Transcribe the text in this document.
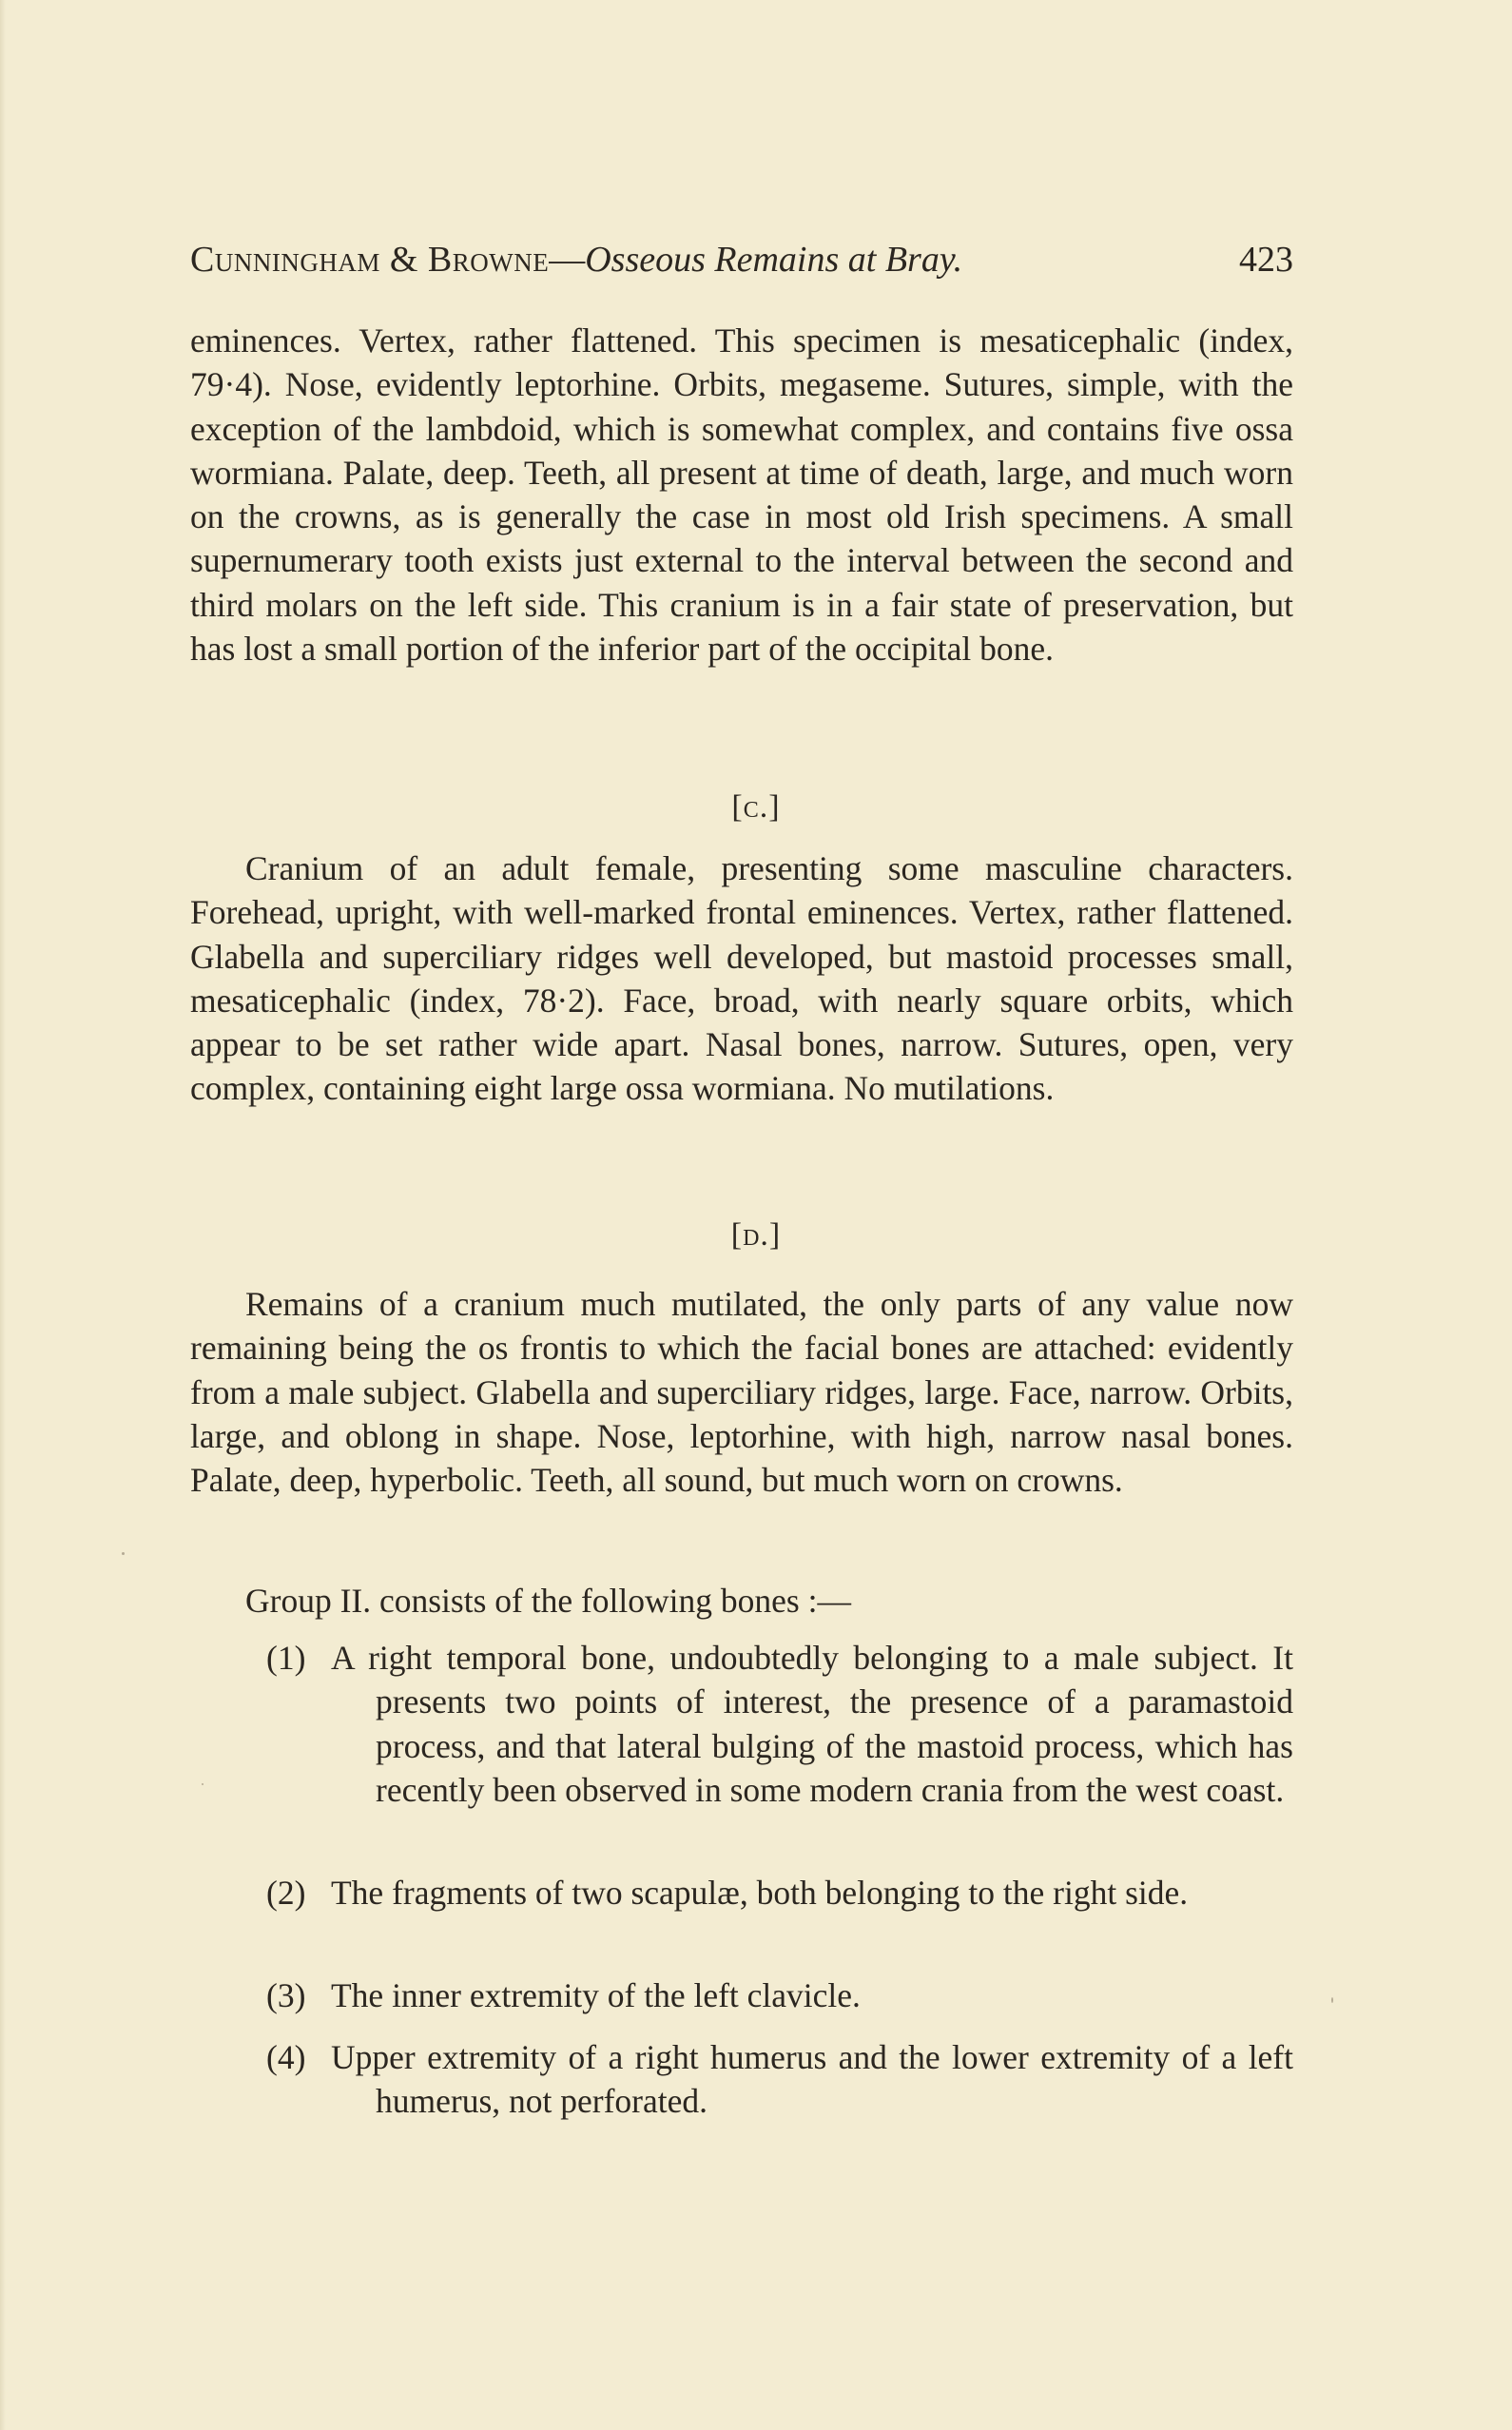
Cunningham & Browne—Osseous Remains at Bray.	423
eminences. Vertex, rather flattened. This specimen is mesaticephalic (index, 79·4). Nose, evidently leptorhine. Orbits, megaseme. Sutures, simple, with the exception of the lambdoid, which is somewhat complex, and contains five ossa wormiana. Palate, deep. Teeth, all present at time of death, large, and much worn on the crowns, as is generally the case in most old Irish specimens. A small supernumerary tooth exists just external to the interval between the second and third molars on the left side. This cranium is in a fair state of preservation, but has lost a small portion of the inferior part of the occipital bone.
[c.]
Cranium of an adult female, presenting some masculine characters. Forehead, upright, with well-marked frontal eminences. Vertex, rather flattened. Glabella and superciliary ridges well developed, but mastoid processes small, mesaticephalic (index, 78·2). Face, broad, with nearly square orbits, which appear to be set rather wide apart. Nasal bones, narrow. Sutures, open, very complex, containing eight large ossa wormiana. No mutilations.
[d.]
Remains of a cranium much mutilated, the only parts of any value now remaining being the os frontis to which the facial bones are attached: evidently from a male subject. Glabella and superciliary ridges, large. Face, narrow. Orbits, large, and oblong in shape. Nose, leptorhine, with high, narrow nasal bones. Palate, deep, hyperbolic. Teeth, all sound, but much worn on crowns.
Group II. consists of the following bones :—
(1) A right temporal bone, undoubtedly belonging to a male subject. It presents two points of interest, the presence of a paramastoid process, and that lateral bulging of the mastoid process, which has recently been observed in some modern crania from the west coast.
(2) The fragments of two scapulæ, both belonging to the right side.
(3) The inner extremity of the left clavicle.
(4) Upper extremity of a right humerus and the lower extremity of a left humerus, not perforated.
